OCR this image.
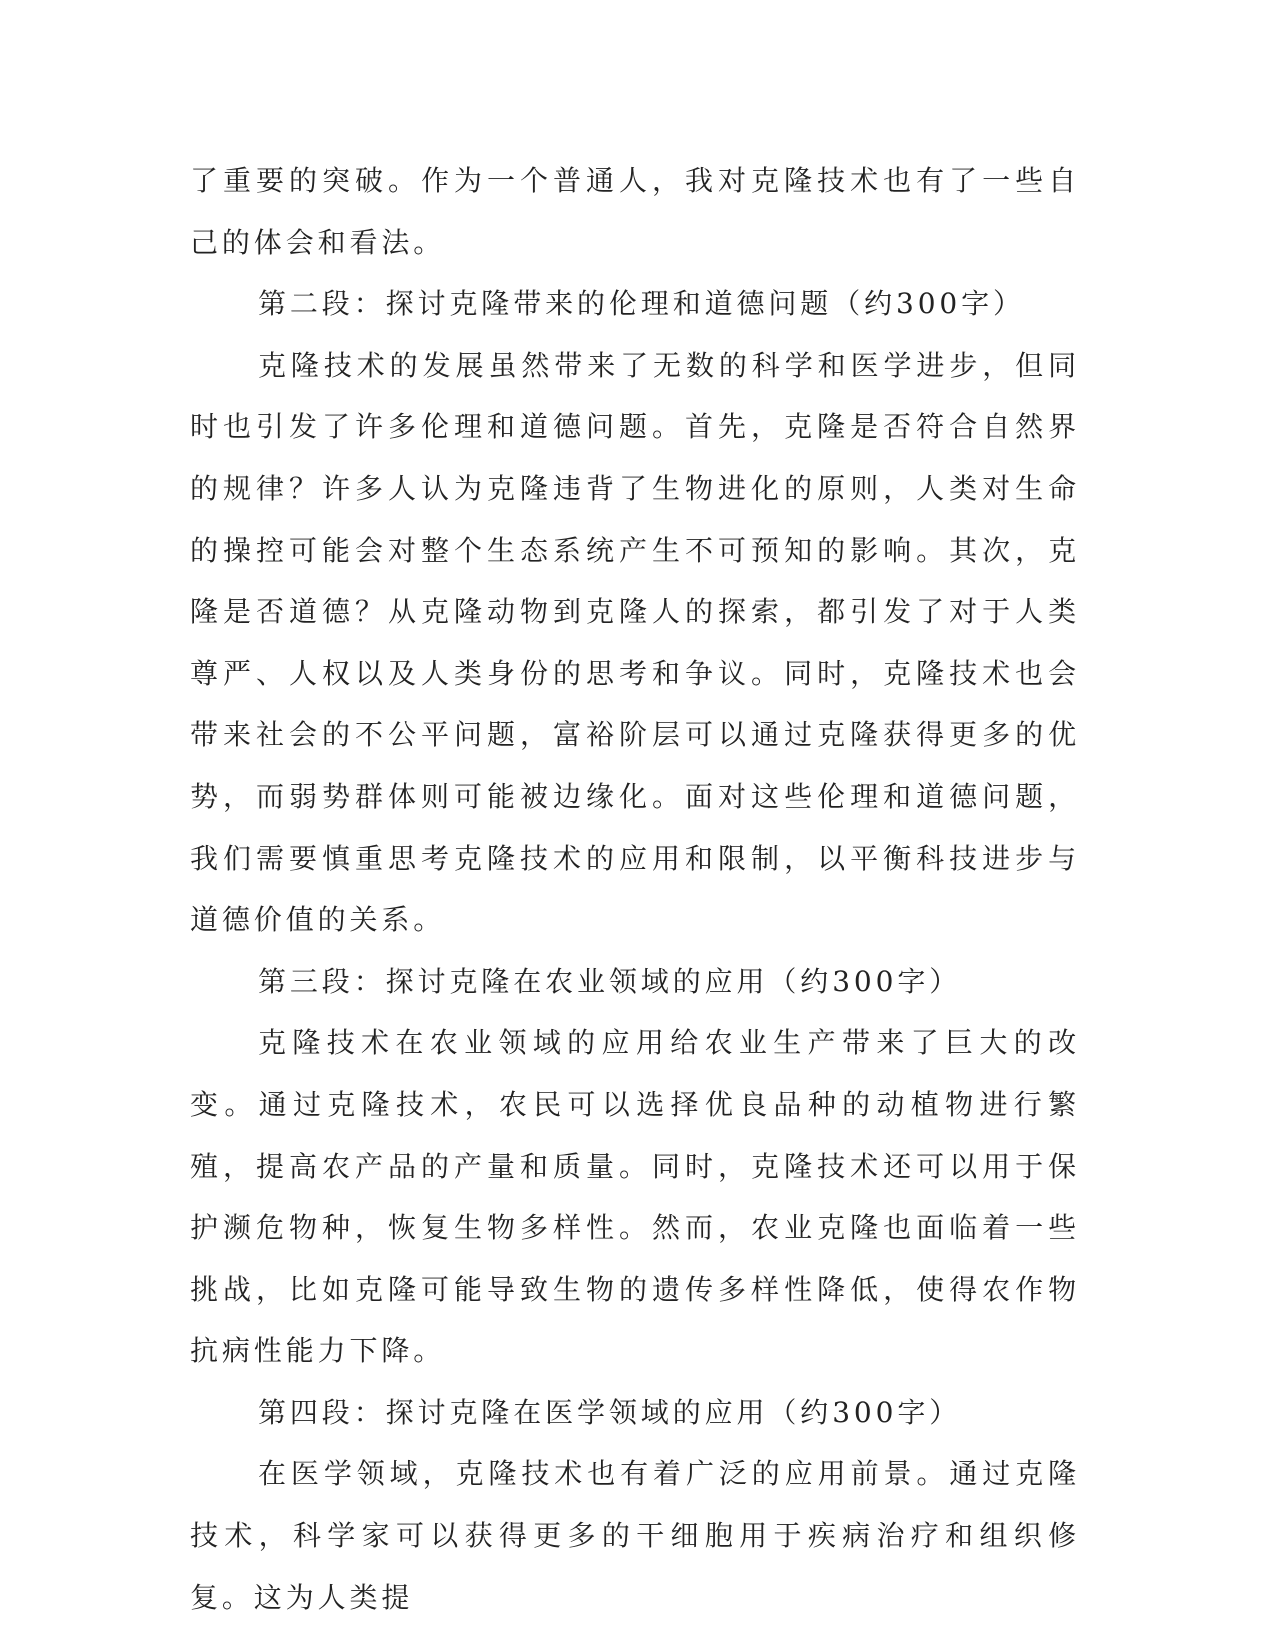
了重要的突破。作为一个普通人，我对克隆技术也有了一些自己的体会和看法。

第二段：探讨克隆带来的伦理和道德问题（约300字）

克隆技术的发展虽然带来了无数的科学和医学进步，但同时也引发了许多伦理和道德问题。首先，克隆是否符合自然界的规律？许多人认为克隆违背了生物进化的原则，人类对生命的操控可能会对整个生态系统产生不可预知的影响。其次，克隆是否道德？从克隆动物到克隆人的探索，都引发了对于人类尊严、人权以及人类身份的思考和争议。同时，克隆技术也会带来社会的不公平问题，富裕阶层可以通过克隆获得更多的优势，而弱势群体则可能被边缘化。面对这些伦理和道德问题，我们需要慎重思考克隆技术的应用和限制，以平衡科技进步与道德价值的关系。

第三段：探讨克隆在农业领域的应用（约300字）

克隆技术在农业领域的应用给农业生产带来了巨大的改变。通过克隆技术，农民可以选择优良品种的动植物进行繁殖，提高农产品的产量和质量。同时，克隆技术还可以用于保护濒危物种，恢复生物多样性。然而，农业克隆也面临着一些挑战，比如克隆可能导致生物的遗传多样性降低，使得农作物抗病性能力下降。

第四段：探讨克隆在医学领域的应用（约300字）

在医学领域，克隆技术也有着广泛的应用前景。通过克隆技术，科学家可以获得更多的干细胞用于疾病治疗和组织修复。这为人类提
